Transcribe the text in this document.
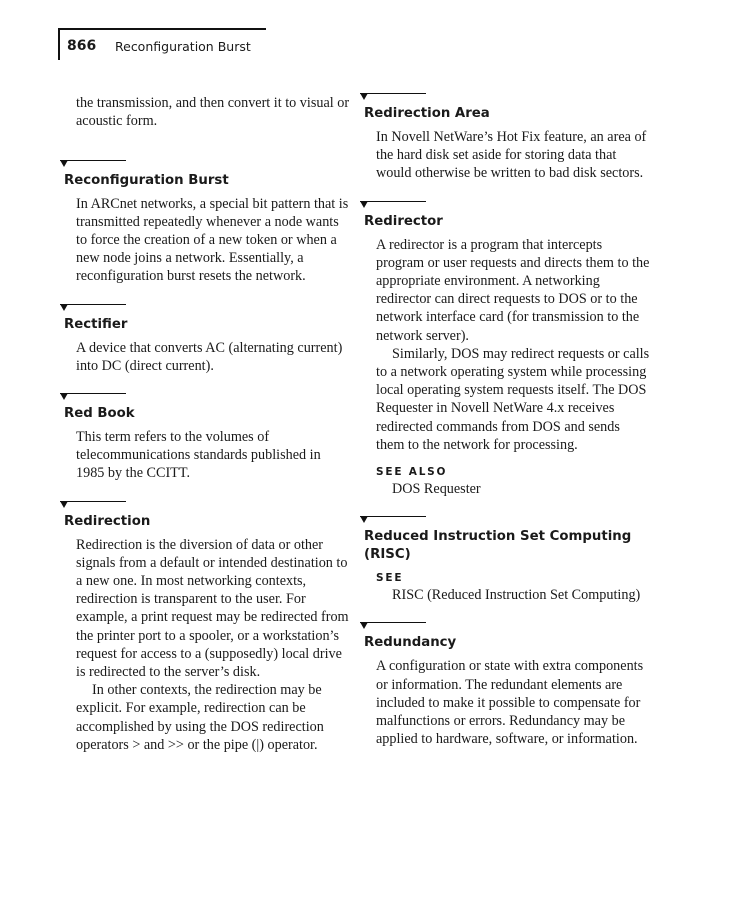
866 Reconfiguration Burst

the transmission, and then convert it to visual or acoustic form.

Reconfiguration Burst

In ARCnet networks, a special bit pattern that is transmitted repeatedly whenever a node wants to force the creation of a new token or when a new node joins a network. Essentially, a reconfiguration burst resets the network.

Rectifier

A device that converts AC (alternating current) into DC (direct current).

Red Book

This term refers to the volumes of telecommunications standards published in 1985 by the CCITT.

Redirection

Redirection is the diversion of data or other signals from a default or intended destination to a new one. In most networking contexts, redirection is transparent to the user. For example, a print request may be redirected from the printer port to a spooler, or a workstation’s request for access to a (supposedly) local drive is redirected to the server’s disk.

In other contexts, the redirection may be explicit. For example, redirection can be accomplished by using the DOS redirection operators > and >> or the pipe (|) operator.

Redirection Area

In Novell NetWare’s Hot Fix feature, an area of the hard disk set aside for storing data that would otherwise be written to bad disk sectors.

Redirector

A redirector is a program that intercepts program or user requests and directs them to the appropriate environment. A networking redirector can direct requests to DOS or to the network interface card (for transmission to the network server).

Similarly, DOS may redirect requests or calls to a network operating system while processing local operating system requests itself. The DOS Requester in Novell NetWare 4.x receives redirected commands from DOS and sends them to the network for processing.

SEE ALSO

DOS Requester

Reduced Instruction Set Computing (RISC)

SEE

RISC (Reduced Instruction Set Computing)

Redundancy

A configuration or state with extra components or information. The redundant elements are included to make it possible to compensate for malfunctions or errors. Redundancy may be applied to hardware, software, or information.
